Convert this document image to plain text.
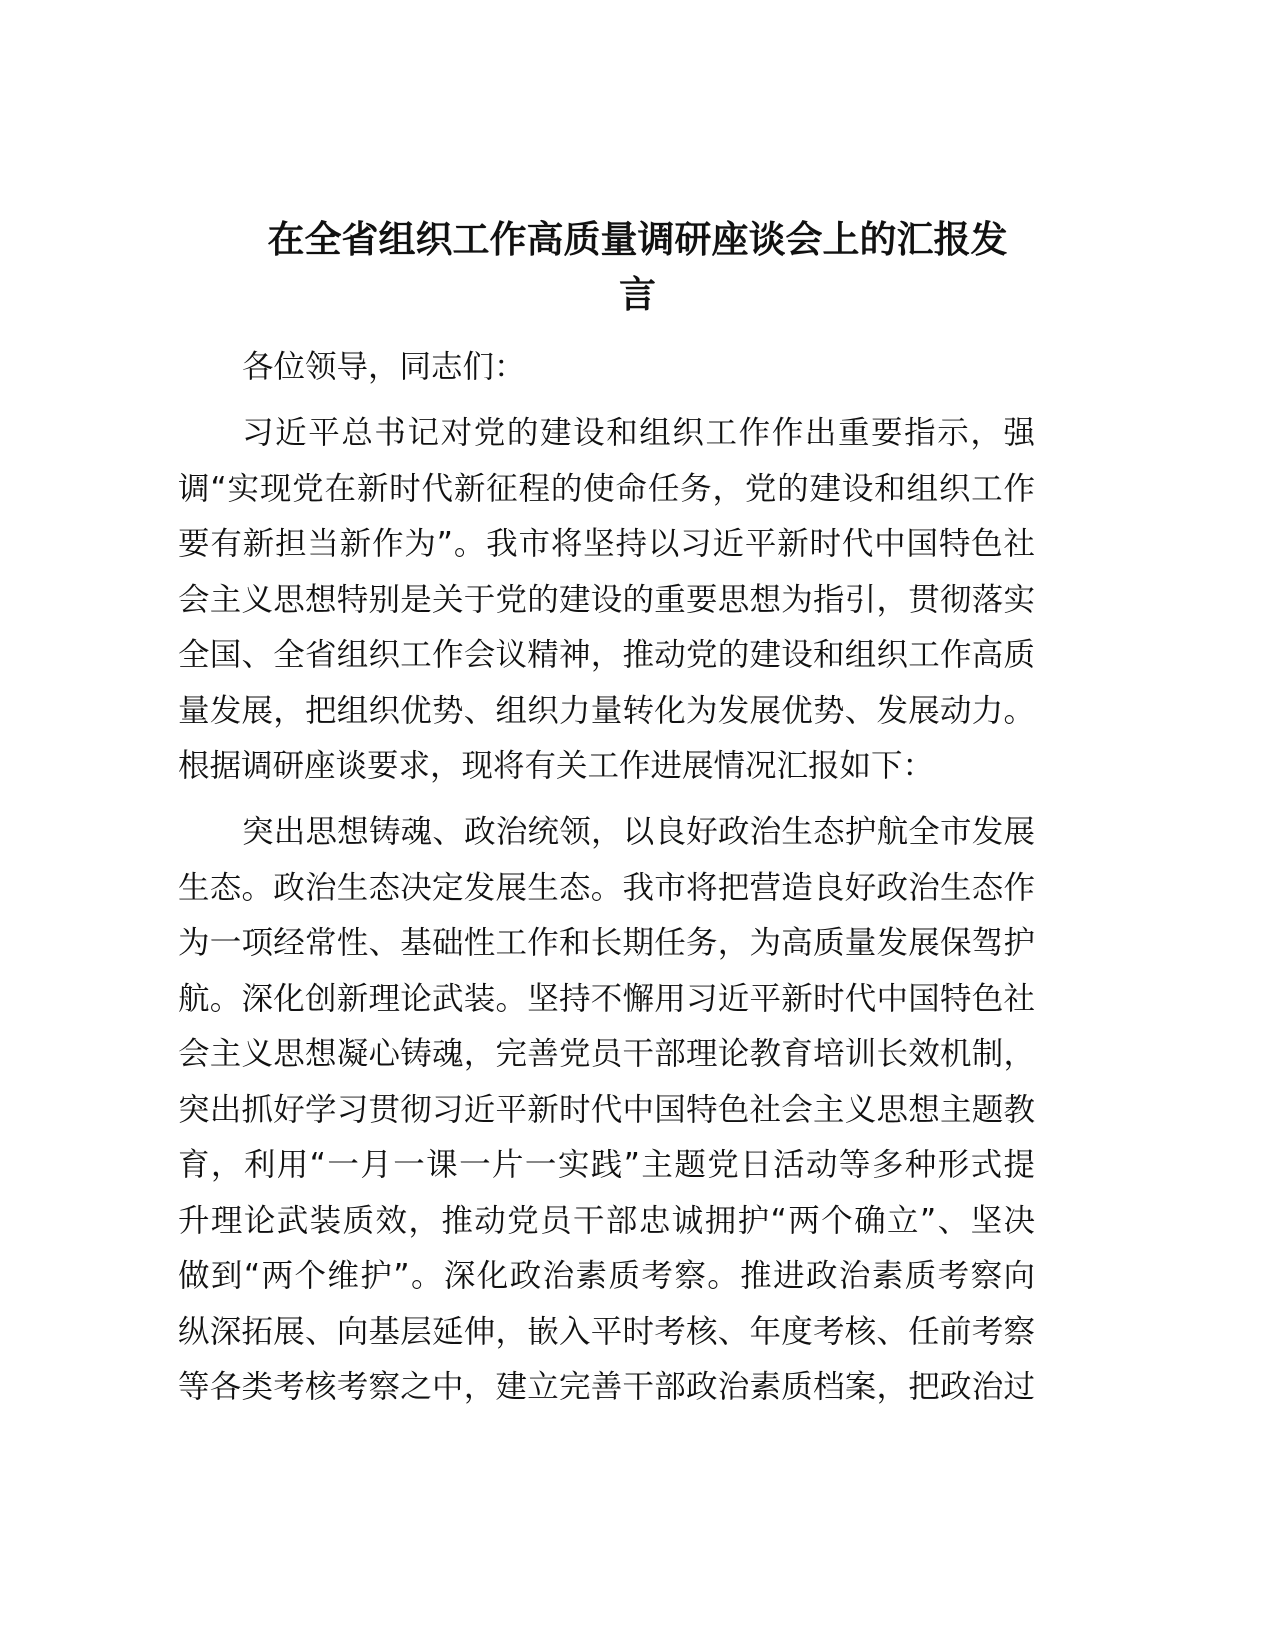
在全省组织工作高质量调研座谈会上的汇报发
言
各位领导，同志们：
习近平总书记对党的建设和组织工作作出重要指示，强
调“实现党在新时代新征程的使命任务，党的建设和组织工作
要有新担当新作为”。我市将坚持以习近平新时代中国特色社
会主义思想特别是关于党的建设的重要思想为指引，贯彻落实
全国、全省组织工作会议精神，推动党的建设和组织工作高质
量发展，把组织优势、组织力量转化为发展优势、发展动力。
根据调研座谈要求，现将有关工作进展情况汇报如下：
突出思想铸魂、政治统领，以良好政治生态护航全市发展
生态。政治生态决定发展生态。我市将把营造良好政治生态作
为一项经常性、基础性工作和长期任务，为高质量发展保驾护
航。深化创新理论武装。坚持不懈用习近平新时代中国特色社
会主义思想凝心铸魂，完善党员干部理论教育培训长效机制，
突出抓好学习贯彻习近平新时代中国特色社会主义思想主题教
育，利用“一月一课一片一实践”主题党日活动等多种形式提
升理论武装质效，推动党员干部忠诚拥护“两个确立”、坚决
做到“两个维护”。深化政治素质考察。推进政治素质考察向
纵深拓展、向基层延伸，嵌入平时考核、年度考核、任前考察
等各类考核考察之中，建立完善干部政治素质档案，把政治过
